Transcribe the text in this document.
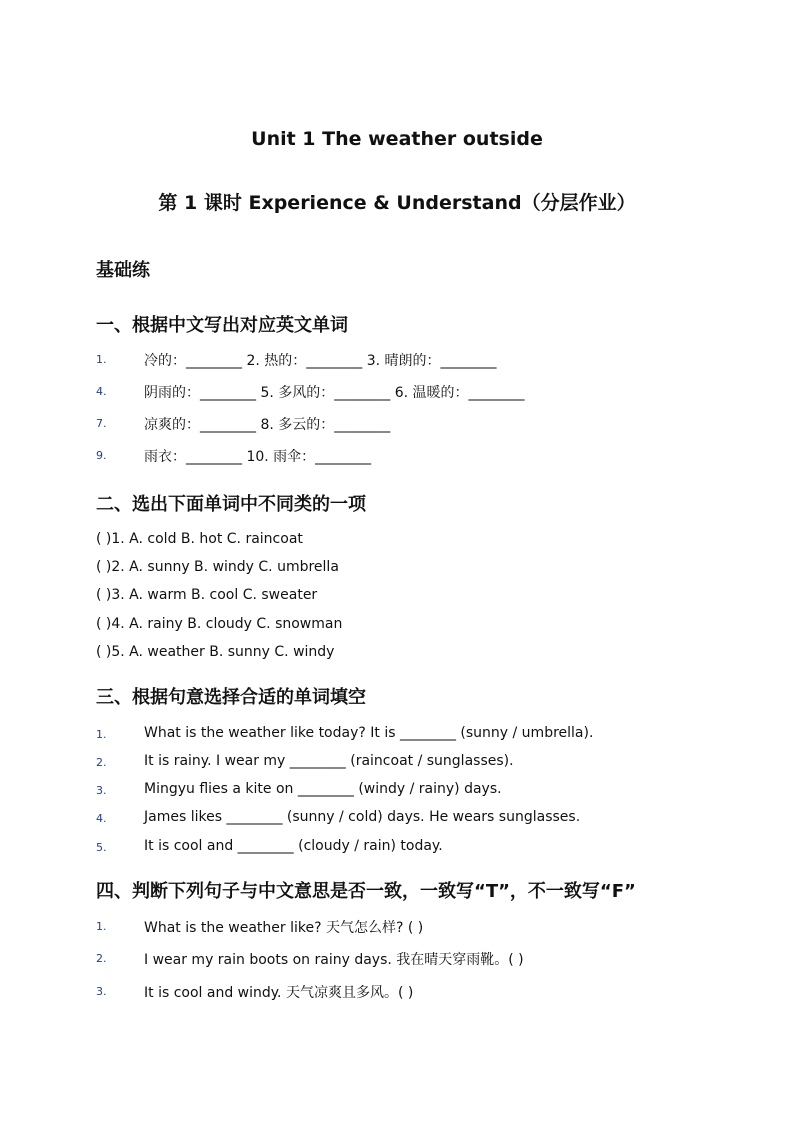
Unit 1 The weather outside
第 1 课时 Experience & Understand（分层作业）
基础练
一、根据中文写出对应英文单词
1.	冷的：________ 2. 热的：________ 3. 晴朗的：________
4.	阴雨的：________ 5. 多风的：________ 6. 温暖的：________
7.	凉爽的：________ 8. 多云的：________
9.	雨衣：________ 10. 雨伞：________
二、选出下面单词中不同类的一项
( )1. A. cold B. hot C. raincoat
( )2. A. sunny B. windy C. umbrella
( )3. A. warm B. cool C. sweater
( )4. A. rainy B. cloudy C. snowman
( )5. A. weather B. sunny C. windy
三、根据句意选择合适的单词填空
1.	What is the weather like today? It is ________ (sunny / umbrella).
2.	It is rainy. I wear my ________ (raincoat / sunglasses).
3.	Mingyu flies a kite on ________ (windy / rainy) days.
4.	James likes ________ (sunny / cold) days. He wears sunglasses.
5.	It is cool and ________ (cloudy / rain) today.
四、判断下列句子与中文意思是否一致，一致写“T”，不一致写“F”
1.	What is the weather like? 天气怎么样? ( )
2.	I wear my rain boots on rainy days. 我在晴天穿雨靴。( )
3.	It is cool and windy. 天气凉爽且多风。( )
